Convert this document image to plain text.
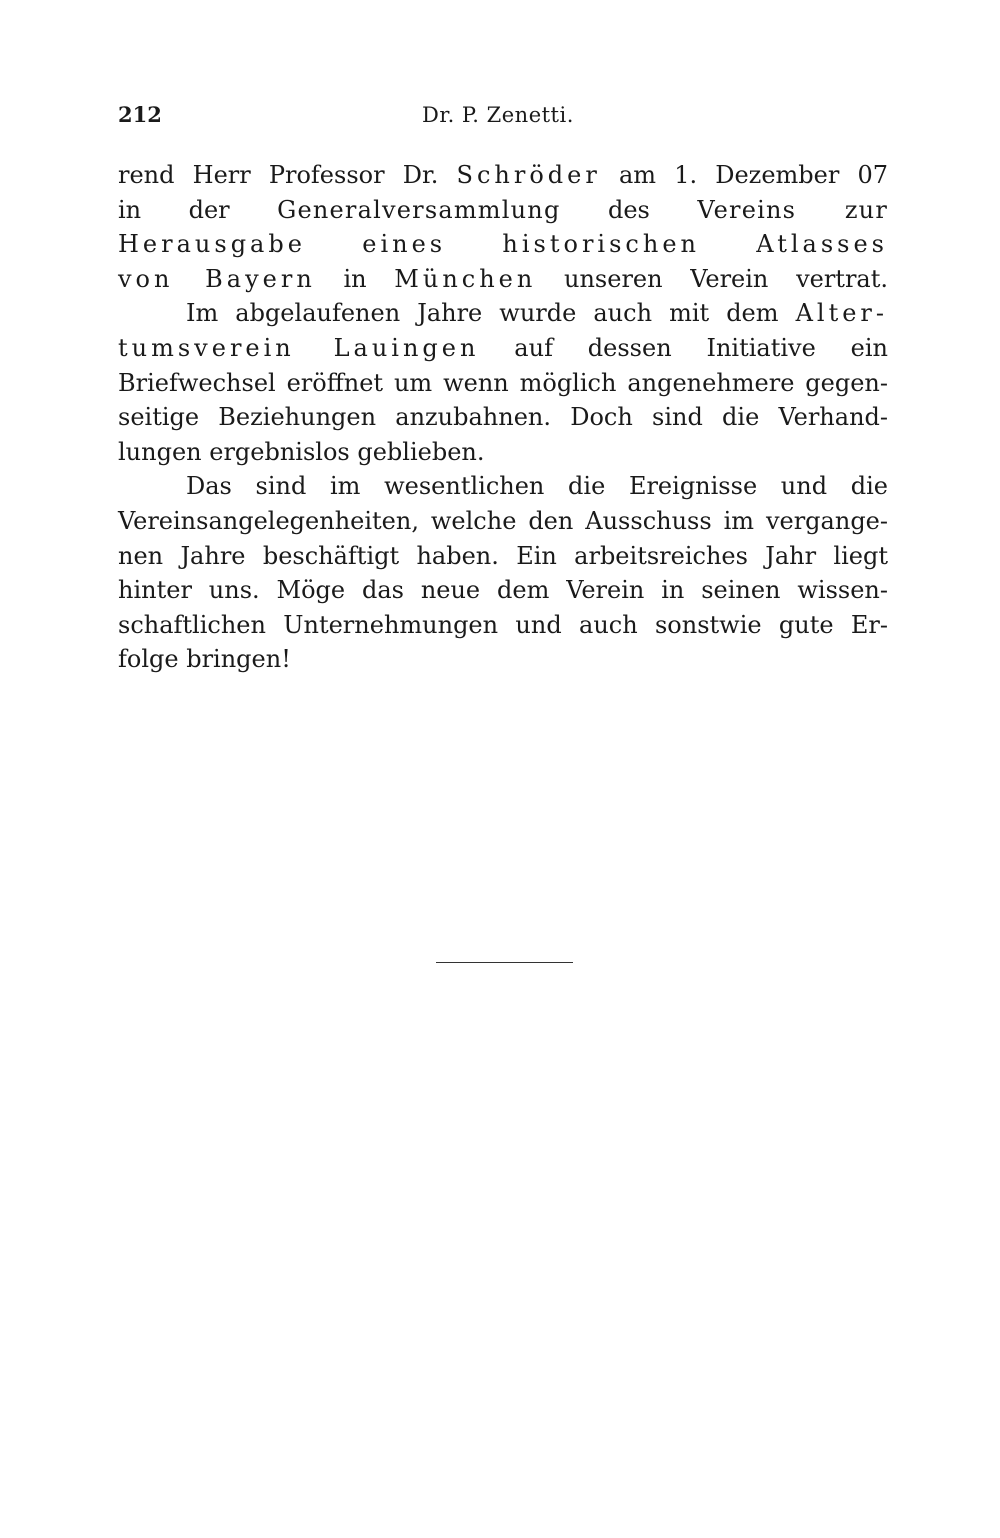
212	Dr. P. Zenetti.
rend Herr Professor Dr. Schröder am 1. Dezember 07
in der Generalversammlung des Vereins zur
Herausgabe eines historischen Atlasses
von Bayern in München unseren Verein vertrat.
Im abgelaufenen Jahre wurde auch mit dem Alter-
tumsverein Lauingen auf dessen Initiative ein
Briefwechsel eröffnet um wenn möglich angenehmere gegen-
seitige Beziehungen anzubahnen. Doch sind die Verhand-
lungen ergebnislos geblieben.
Das sind im wesentlichen die Ereignisse und die
Vereinsangelegenheiten, welche den Ausschuss im vergange-
nen Jahre beschäftigt haben. Ein arbeitsreiches Jahr liegt
hinter uns. Möge das neue dem Verein in seinen wissen-
schaftlichen Unternehmungen und auch sonstwie gute Er-
folge bringen!
